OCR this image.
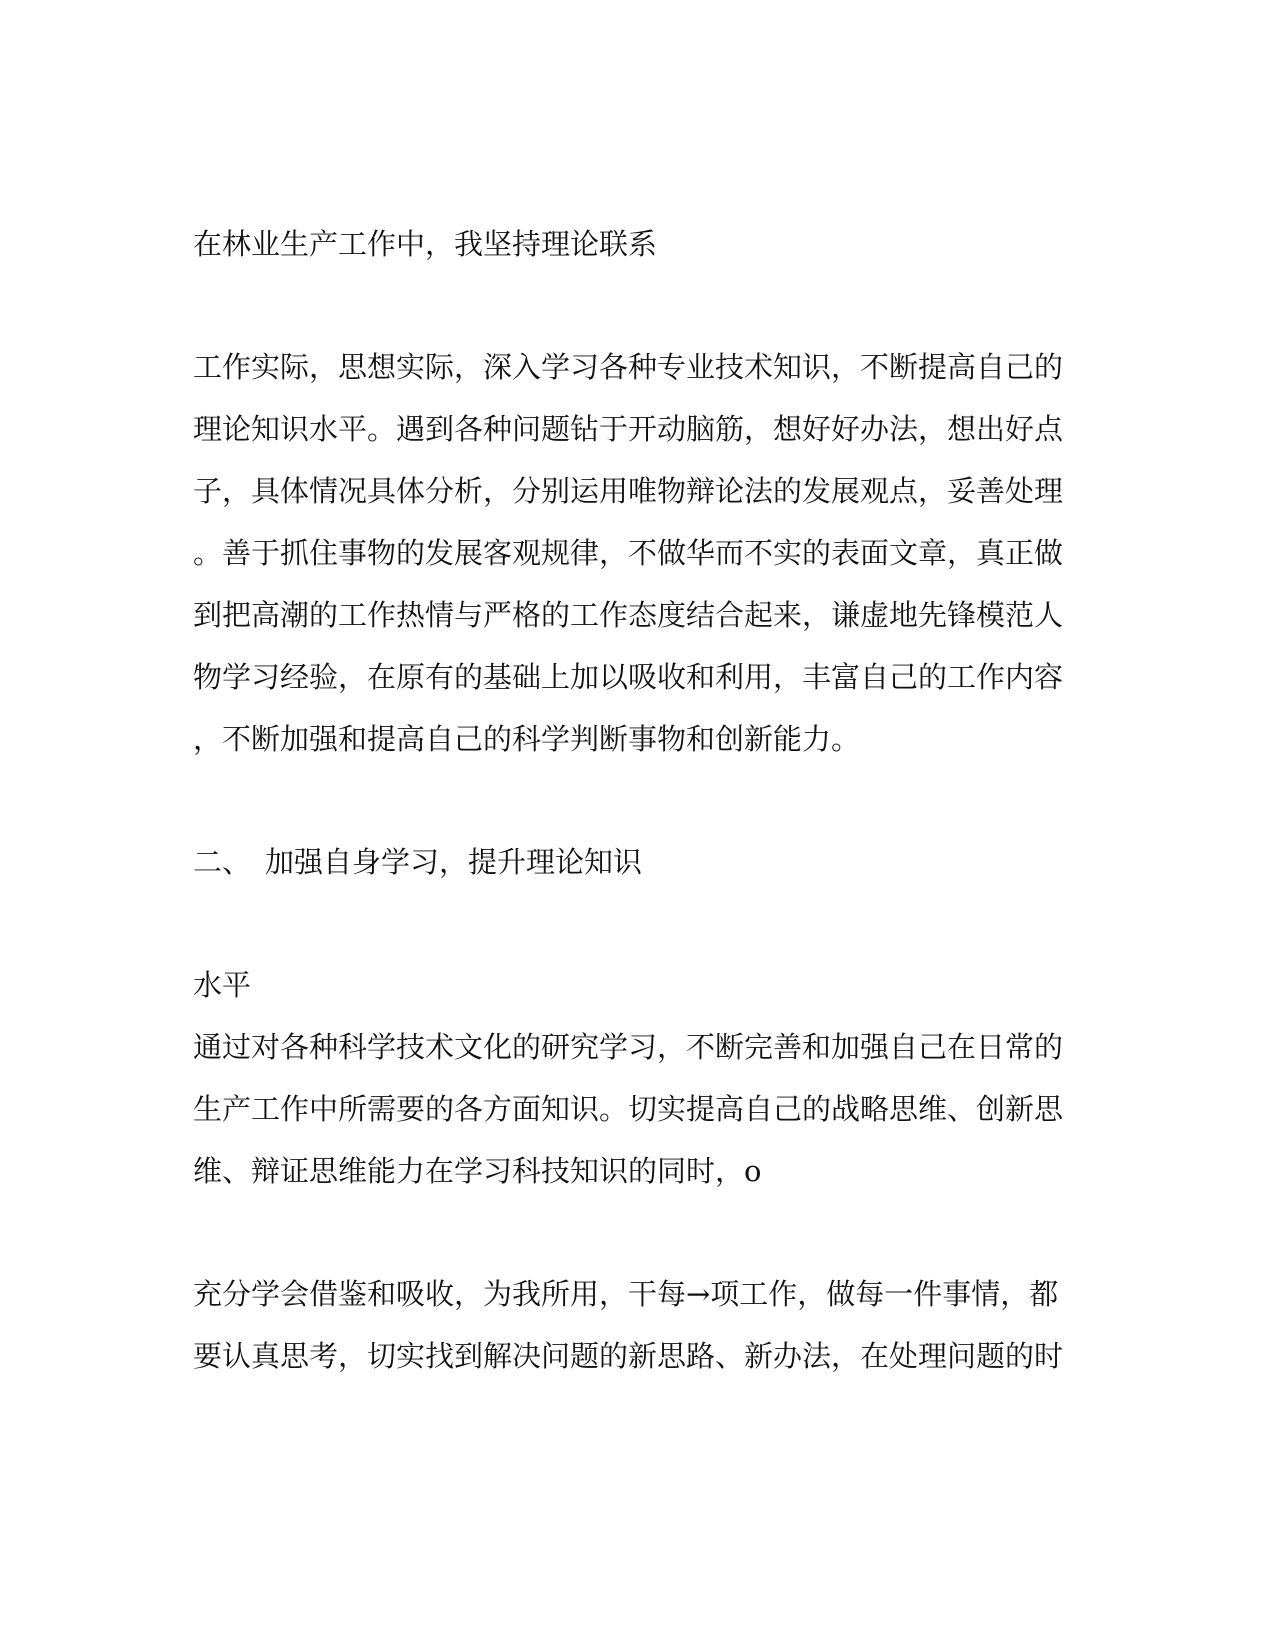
在林业生产工作中，我坚持理论联系

工作实际，思想实际，深入学习各种专业技术知识，不断提高自己的

理论知识水平。遇到各种问题钻于开动脑筋，想好好办法，想出好点

子，具体情况具体分析，分别运用唯物辩论法的发展观点，妥善处理

。善于抓住事物的发展客观规律，不做华而不实的表面文章，真正做

到把高潮的工作热情与严格的工作态度结合起来，谦虚地先锋模范人

物学习经验，在原有的基础上加以吸收和利用，丰富自己的工作内容

，不断加强和提高自己的科学判断事物和创新能力。

二、 加强自身学习，提升理论知识

水平

通过对各种科学技术文化的研究学习，不断完善和加强自己在日常的

生产工作中所需要的各方面知识。切实提高自己的战略思维、创新思

维、辩证思维能力在学习科技知识的同时，o

充分学会借鉴和吸收，为我所用，干每→项工作，做每一件事情，都

要认真思考，切实找到解决问题的新思路、新办法，在处理问题的时
